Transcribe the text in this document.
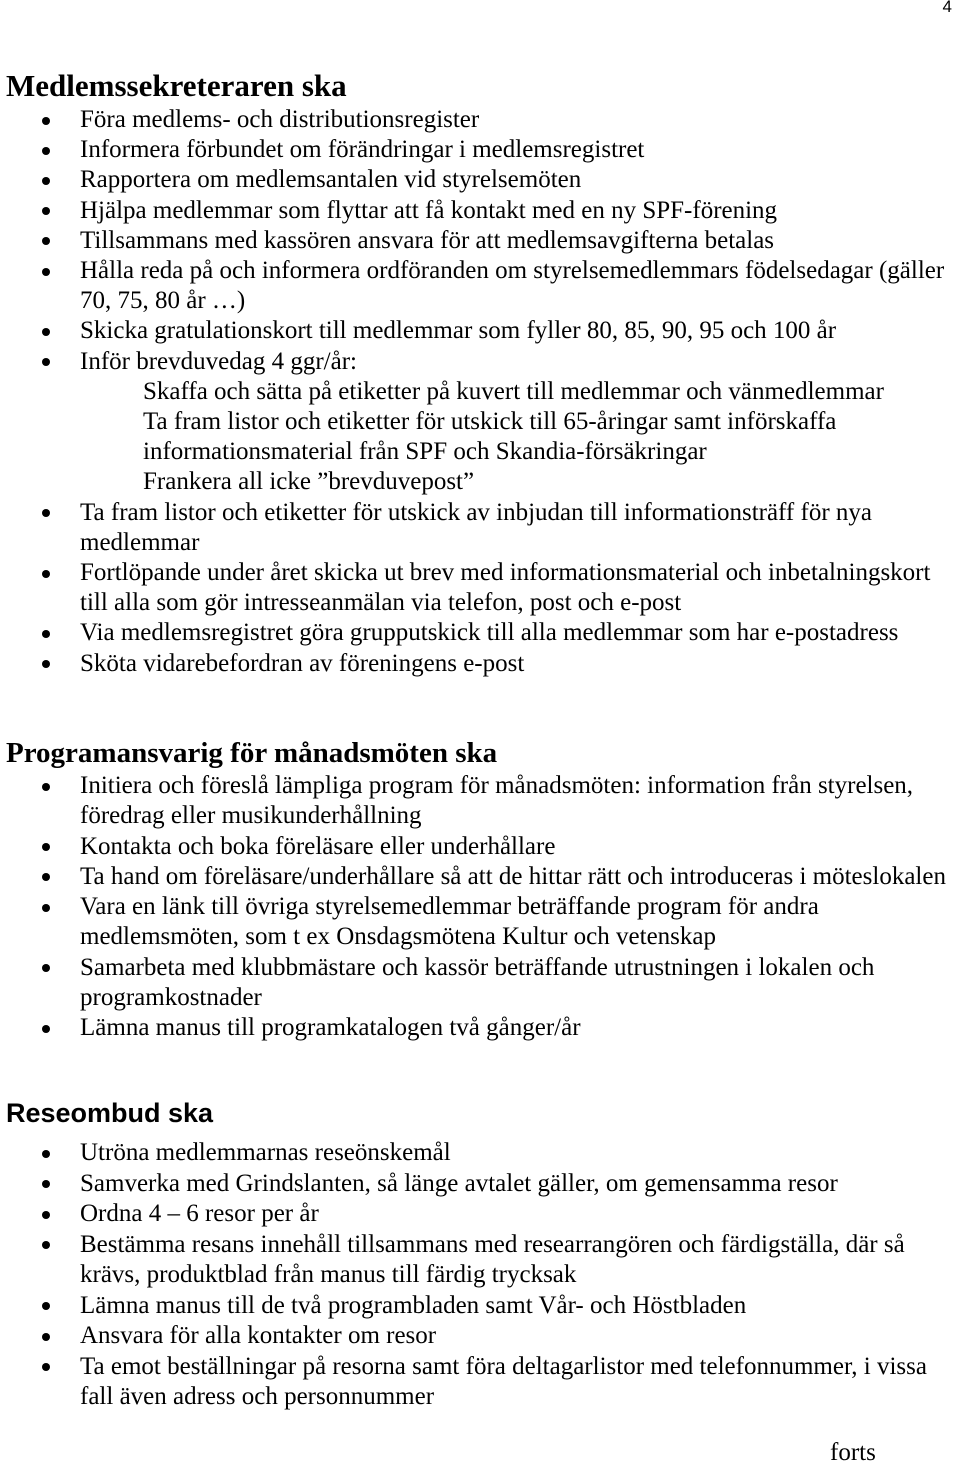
4
Medlemssekreteraren ska
Föra medlems- och distributionsregister
Informera förbundet om förändringar i medlemsregistret
Rapportera om medlemsantalen vid styrelsemöten
Hjälpa medlemmar som flyttar att få kontakt med en ny SPF-förening
Tillsammans med kassören ansvara för att medlemsavgifterna betalas
Hålla reda på och informera ordföranden om styrelsemedlemmars födelsedagar (gäller 70, 75, 80 år …)
Skicka gratulationskort till medlemmar som fyller 80, 85, 90, 95 och 100 år
Inför brevduvedag 4 ggr/år:
Skaffa och sätta på etiketter på kuvert till medlemmar och vänmedlemmar
Ta fram listor och etiketter för utskick till 65-åringar samt införskaffa informationsmaterial från SPF och Skandia-försäkringar
Frankera all icke ”brevduvepost”
Ta fram listor och etiketter för utskick av inbjudan till informationsträff för nya medlemmar
Fortlöpande under året skicka ut brev med informationsmaterial och inbetalningskort till alla som gör intresseanmälan via telefon, post och e-post
Via medlemsregistret göra grupputskick till alla medlemmar som har e-postadress
Sköta vidarebefordran av föreningens e-post
Programansvarig för månadsmöten ska
Initiera och föreslå lämpliga program för månadsmöten: information från styrelsen, föredrag eller musikunderhållning
Kontakta och boka föreläsare eller underhållare
Ta hand om föreläsare/underhållare så att de hittar rätt och introduceras i möteslokalen
Vara en länk till övriga styrelsemedlemmar beträffande program för andra medlemsmöten, som t ex Onsdagsmötena Kultur och vetenskap
Samarbeta med klubbmästare och kassör beträffande utrustningen i lokalen och programkostnader
Lämna manus till programkatalogen två gånger/år
Reseombud ska
Utröna medlemmarnas reseönskemål
Samverka med Grindslanten, så länge avtalet gäller, om gemensamma resor
Ordna 4 – 6 resor per år
Bestämma resans innehåll tillsammans med researrangören och färdigställa, där så krävs, produktblad från manus till färdig trycksak
Lämna manus till de två programbladen samt Vår- och Höstbladen
Ansvara för alla kontakter om resor
Ta emot beställningar på resorna samt föra deltagarlistor med telefonnummer, i vissa fall även adress och personnummer
forts
